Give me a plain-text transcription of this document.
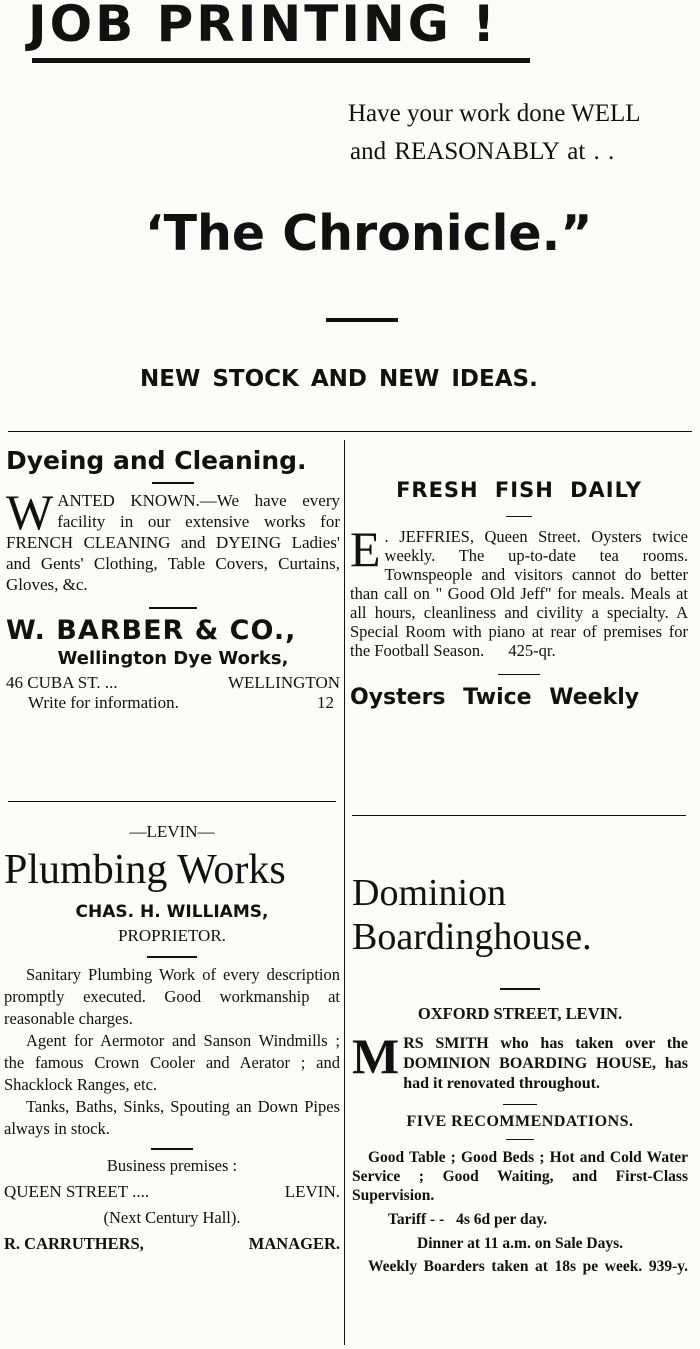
JOB PRINTING !
Have your work done WELL
and REASONABLY at . .
‘The Chronicle.”
NEW STOCK AND NEW IDEAS.
Dyeing and Cleaning.
W ANTED KNOWN.—We have every facility in our extensive works for FRENCH CLEANING and DYEING Ladies' and Gents' Clothing, Table Covers, Curtains, Gloves, &c.
W. BARBER & CO.,
Wellington Dye Works,
46 CUBA ST. ...	WELLINGTON
Write for information.	12
—LEVIN—
Plumbing Works
CHAS. H. WILLIAMS,
PROPRIETOR.
Sanitary Plumbing Work of every description promptly executed. Good workmanship at reasonable charges.
Agent for Aermotor and Sanson Windmills ; the famous Crown Cooler and Aerator ; and Shacklock Ranges, etc.
Tanks, Baths, Sinks, Spouting an Down Pipes always in stock.
Business premises :
QUEEN STREET ....	LEVIN.
(Next Century Hall).
R. CARRUTHERS,	MANAGER.
FRESH FISH DAILY
E . JEFFRIES, Queen Street. Oysters twice weekly. The up-to-date tea rooms. Townspeople and visitors cannot do better than call on " Good Old Jeff" for meals. Meals at all hours, cleanliness and civility a specialty. A Special Room with piano at rear of premises for the Football Season. 425-qr.
Oysters Twice Weekly
Dominion
Boardinghouse.
OXFORD STREET, LEVIN.
M RS SMITH who has taken over the DOMINION BOARDING HOUSE, has had it renovated throughout.
FIVE RECOMMENDATIONS.
Good Table ; Good Beds ; Hot and Cold Water Service ; Good Waiting, and First-Class Supervision.
Tariff - - 4s 6d per day.
Dinner at 11 a.m. on Sale Days.
Weekly Boarders taken at 18s pe week. 939-y.
